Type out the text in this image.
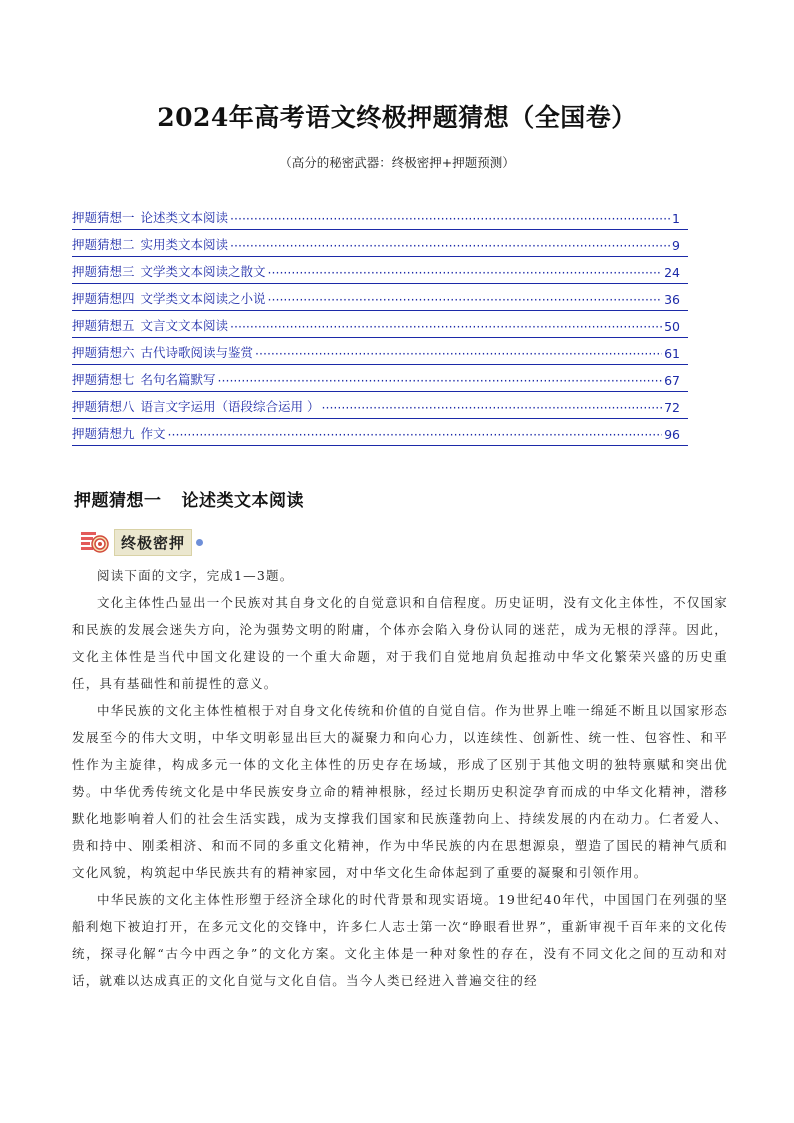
2024年高考语文终极押题猜想（全国卷）
（高分的秘密武器：终极密押+押题预测）
押题猜想一 论述类文本阅读 ·····	1
押题猜想二 实用类文本阅读 ·····	9
押题猜想三 文学类文本阅读之散文 ·····	24
押题猜想四 文学类文本阅读之小说 ·····	36
押题猜想五 文言文文本阅读 ·····	50
押题猜想六 古代诗歌阅读与鉴赏 ·····	61
押题猜想七 名句名篇默写 ·····	67
押题猜想八 语言文字运用（语段综合运用 ） ·····	72
押题猜想九 作文 ·····	96
押题猜想一 论述类文本阅读
终极密押

阅读下面的文字，完成1—3题。

文化主体性凸显出一个民族对其自身文化的自觉意识和自信程度。历史证明，没有文化主体性，不仅国家和民族的发展会迷失方向，沦为强势文明的附庸，个体亦会陷入身份认同的迷茫，成为无根的浮萍。因此，文化主体性是当代中国文化建设的一个重大命题，对于我们自觉地肩负起推动中华文化繁荣兴盛的历史重任，具有基础性和前提性的意义。

中华民族的文化主体性植根于对自身文化传统和价值的自觉自信。作为世界上唯一绵延不断且以国家形态发展至今的伟大文明，中华文明彰显出巨大的凝聚力和向心力，以连续性、创新性、统一性、包容性、和平性作为主旋律，构成多元一体的文化主体性的历史存在场域，形成了区别于其他文明的独特禀赋和突出优势。中华优秀传统文化是中华民族安身立命的精神根脉，经过长期历史积淀孕育而成的中华文化精神，潜移默化地影响着人们的社会生活实践，成为支撑我们国家和民族蓬勃向上、持续发展的内在动力。仁者爱人、贵和持中、刚柔相济、和而不同的多重文化精神，作为中华民族的内在思想源泉，塑造了国民的精神气质和文化风貌，构筑起中华民族共有的精神家园，对中华文化生命体起到了重要的凝聚和引领作用。

中华民族的文化主体性形塑于经济全球化的时代背景和现实语境。19世纪40年代，中国国门在列强的坚船利炮下被迫打开，在多元文化的交锋中，许多仁人志士第一次“睁眼看世界”，重新审视千百年来的文化传统，探寻化解“古今中西之争”的文化方案。文化主体是一种对象性的存在，没有不同文化之间的互动和对话，就难以达成真正的文化自觉与文化自信。当今人类已经进入普遍交往的经
